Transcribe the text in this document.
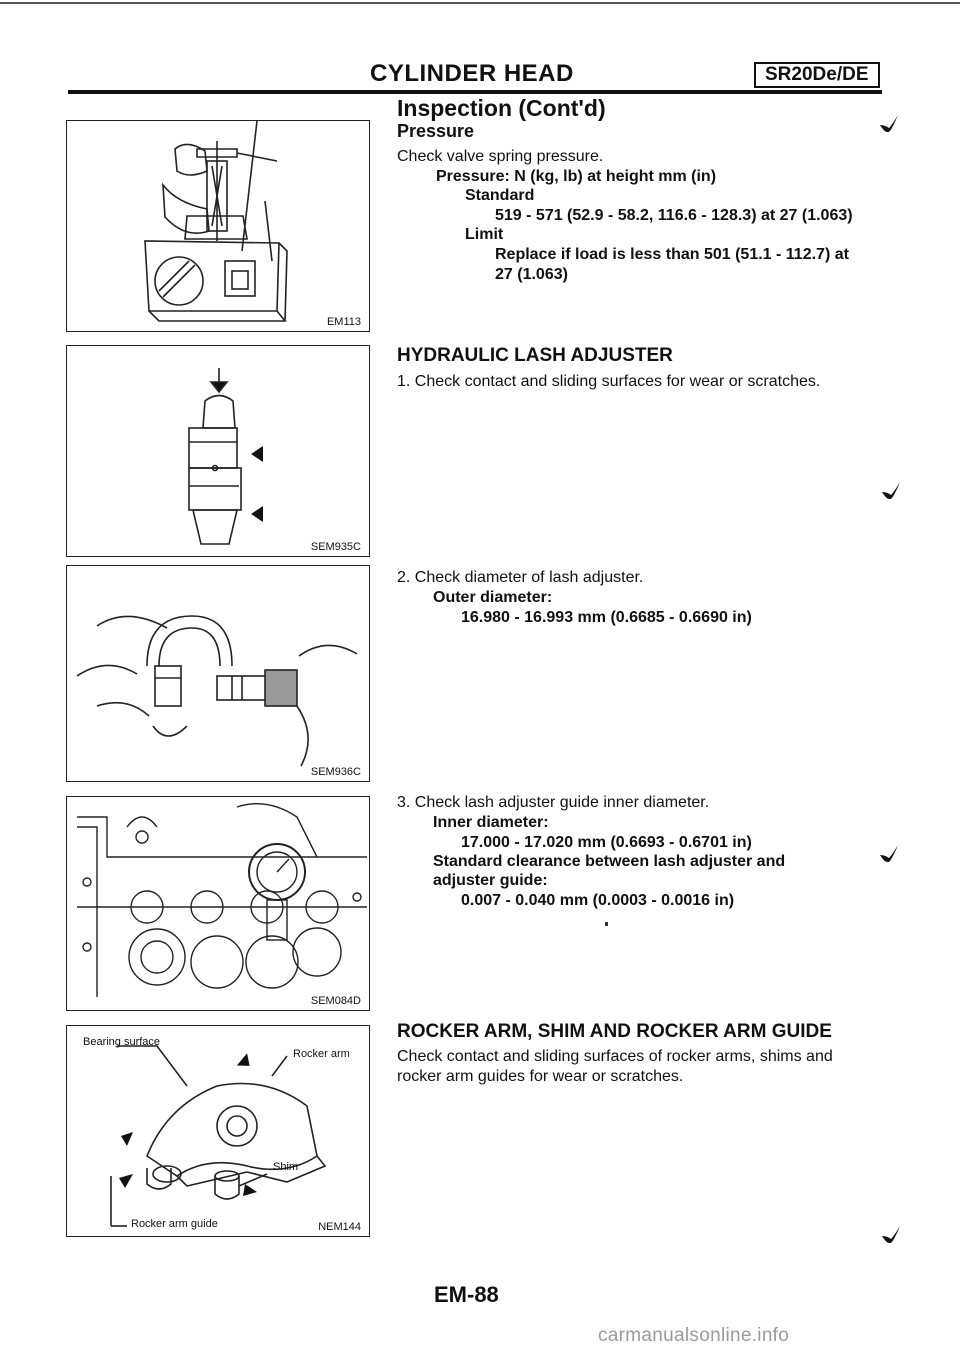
CYLINDER HEAD	SR20De/DE
Inspection (Cont'd)
Pressure
Check valve spring pressure.
Pressure: N (kg, lb) at height mm (in)
Standard
519 - 571 (52.9 - 58.2, 116.6 - 128.3) at 27 (1.063)
Limit
Replace if load is less than 501 (51.1 - 112.7) at
27 (1.063)
HYDRAULIC LASH ADJUSTER
1. Check contact and sliding surfaces for wear or scratches.
2. Check diameter of lash adjuster.
Outer diameter:
16.980 - 16.993 mm (0.6685 - 0.6690 in)
3. Check lash adjuster guide inner diameter.
Inner diameter:
17.000 - 17.020 mm (0.6693 - 0.6701 in)
Standard clearance between lash adjuster and
adjuster guide:
0.007 - 0.040 mm (0.0003 - 0.0016 in)
ROCKER ARM, SHIM AND ROCKER ARM GUIDE
Check contact and sliding surfaces of rocker arms, shims and
rocker arm guides for wear or scratches.
EM113
SEM935C
SEM936C
SEM084D
Bearing surface
Rocker arm
Shim
Rocker arm guide	NEM144
EM-88
carmanualsonline.info
